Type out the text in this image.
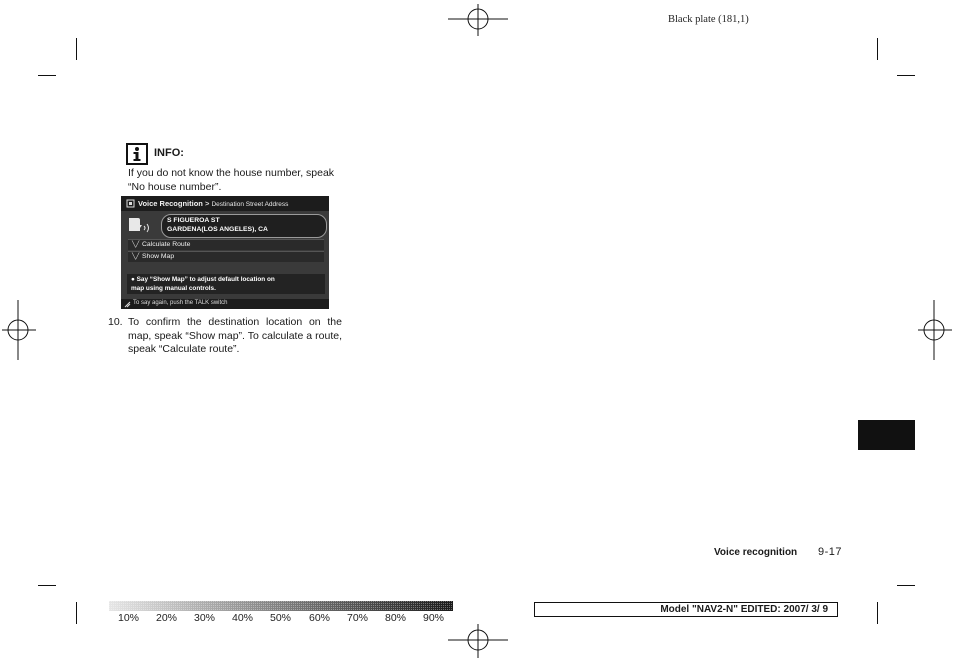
Black plate (181,1)
INFO:
If you do not know the house number, speak “No house number”.
Voice Recognition > Destination Street Address
S FIGUEROA ST
GARDENA(LOS ANGELES), CA
╲╱ Calculate Route
╲╱ Show Map
● Say “Show Map” to adjust default location on
map using manual controls.
To say again, push the TALK switch
10. To confirm the destination location on the map, speak “Show map”. To calculate a route, speak “Calculate route”.
Voice recognition 9-17
10% 20% 30% 40% 50% 60% 70% 80% 90%
Model "NAV2-N" EDITED: 2007/ 3/ 9
